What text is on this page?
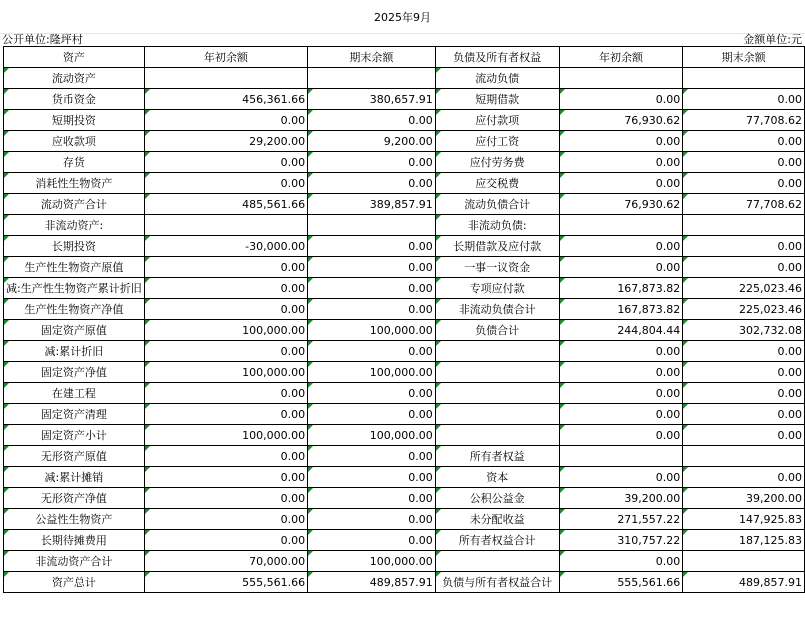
2025年9月
公开单位:隆坪村	金额单位:元
资产	年初余额	期末余额	负债及所有者权益	年初余额	期末余额
流动资产			流动负债		
货币资金	456,361.66	380,657.91	短期借款	0.00	0.00
短期投资	0.00	0.00	应付款项	76,930.62	77,708.62
应收款项	29,200.00	9,200.00	应付工资	0.00	0.00
存货	0.00	0.00	应付劳务费	0.00	0.00
消耗性生物资产	0.00	0.00	应交税费	0.00	0.00
流动资产合计	485,561.66	389,857.91	流动负债合计	76,930.62	77,708.62
非流动资产:			非流动负债:		
长期投资	-30,000.00	0.00	长期借款及应付款	0.00	0.00
生产性生物资产原值	0.00	0.00	一事一议资金	0.00	0.00
减:生产性生物资产累计折旧	0.00	0.00	专项应付款	167,873.82	225,023.46
生产性生物资产净值	0.00	0.00	非流动负债合计	167,873.82	225,023.46
固定资产原值	100,000.00	100,000.00	负债合计	244,804.44	302,732.08
减:累计折旧	0.00	0.00		0.00	0.00
固定资产净值	100,000.00	100,000.00		0.00	0.00
在建工程	0.00	0.00		0.00	0.00
固定资产清理	0.00	0.00		0.00	0.00
固定资产小计	100,000.00	100,000.00		0.00	0.00
无形资产原值	0.00	0.00	所有者权益		
减:累计摊销	0.00	0.00	资本	0.00	0.00
无形资产净值	0.00	0.00	公积公益金	39,200.00	39,200.00
公益性生物资产	0.00	0.00	未分配收益	271,557.22	147,925.83
长期待摊费用	0.00	0.00	所有者权益合计	310,757.22	187,125.83
非流动资产合计	70,000.00	100,000.00		0.00	
资产总计	555,561.66	489,857.91	负债与所有者权益合计	555,561.66	489,857.91
